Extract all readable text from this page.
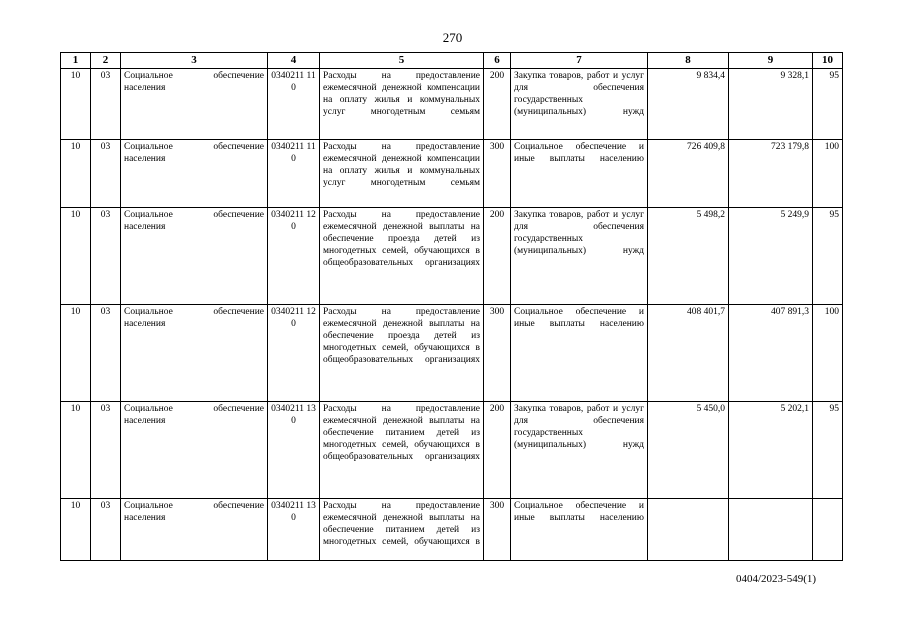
270
1	2	3	4	5	6	7	8	9	10
10	03	Социальное обеспечение населения	0340211 110	Расходы на предоставление ежемесячной денежной компенсации на оплату жилья и коммунальных услуг многодетным семьям	200	Закупка товаров, работ и услуг для обеспечения государственных (муниципальных) нужд	9 834,4	9 328,1	95
10	03	Социальное обеспечение населения	0340211 110	Расходы на предоставление ежемесячной денежной компенсации на оплату жилья и коммунальных услуг многодетным семьям	300	Социальное обеспечение и иные выплаты населению	726 409,8	723 179,8	100
10	03	Социальное обеспечение населения	0340211 120	Расходы на предоставление ежемесячной денежной выплаты на обеспечение проезда детей из многодетных семей, обучающихся в общеобразовательных организациях	200	Закупка товаров, работ и услуг для обеспечения государственных (муниципальных) нужд	5 498,2	5 249,9	95
10	03	Социальное обеспечение населения	0340211 120	Расходы на предоставление ежемесячной денежной выплаты на обеспечение проезда детей из многодетных семей, обучающихся в общеобразовательных организациях	300	Социальное обеспечение и иные выплаты населению	408 401,7	407 891,3	100
10	03	Социальное обеспечение населения	0340211 130	Расходы на предоставление ежемесячной денежной выплаты на обеспечение питанием детей из многодетных семей, обучающихся в общеобразовательных организациях	200	Закупка товаров, работ и услуг для обеспечения государственных (муниципальных) нужд	5 450,0	5 202,1	95
10	03	Социальное обеспечение населения	0340211 130	Расходы на предоставление ежемесячной денежной выплаты на обеспечение питанием детей из многодетных семей, обучающихся в	300	Социальное обеспечение и иные выплаты населению			
0404/2023-549(1)
